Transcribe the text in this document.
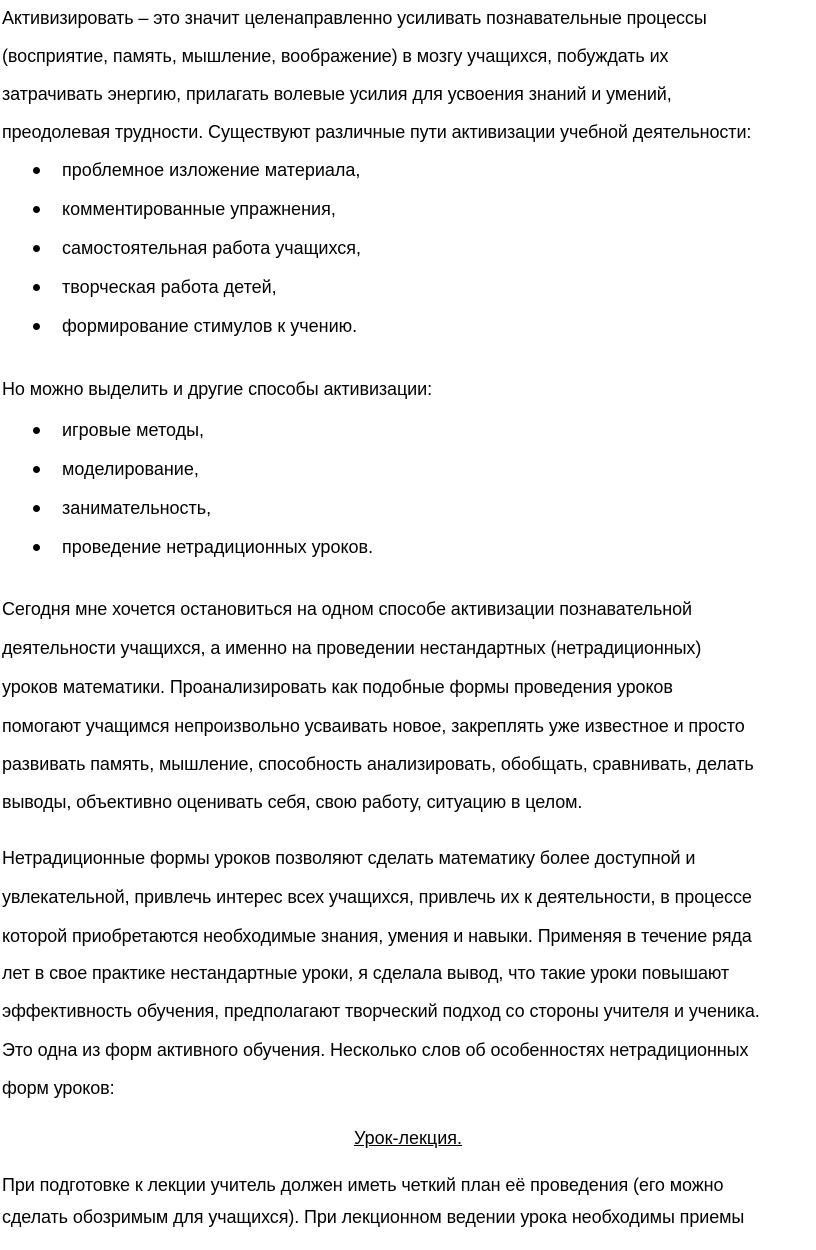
Активизировать – это значит целенаправленно усиливать познавательные процессы
(восприятие, память, мышление, воображение) в мозгу учащихся, побуждать их
затрачивать энергию, прилагать волевые усилия для усвоения знаний и умений,
преодолевая трудности. Существуют различные пути активизации учебной деятельности:
проблемное изложение материала,
комментированные упражнения,
самостоятельная работа учащихся,
творческая работа детей,
формирование стимулов к учению.
Но можно выделить и другие способы активизации:
игровые методы,
моделирование,
занимательность,
проведение нетрадиционных уроков.
Сегодня мне хочется остановиться на одном способе активизации познавательной
деятельности учащихся, а именно на проведении нестандартных (нетрадиционных)
уроков математики. Проанализировать как подобные формы проведения уроков
помогают учащимся непроизвольно усваивать новое, закреплять уже известное и просто
развивать память, мышление, способность анализировать, обобщать, сравнивать, делать
выводы, объективно оценивать себя, свою работу, ситуацию в целом.
Нетрадиционные формы уроков позволяют сделать математику более доступной и
увлекательной, привлечь интерес всех учащихся, привлечь их к деятельности, в процессе
которой приобретаются необходимые знания, умения и навыки. Применяя в течение ряда
лет в свое практике нестандартные уроки, я сделала вывод, что такие уроки повышают
эффективность обучения, предполагают творческий подход со стороны учителя и ученика.
Это одна из форм активного обучения. Несколько слов об особенностях нетрадиционных
форм уроков:
Урок-лекция.
При подготовке к лекции учитель должен иметь четкий план её проведения (его можно
сделать обозримым для учащихся). При лекционном ведении урока необходимы приемы
